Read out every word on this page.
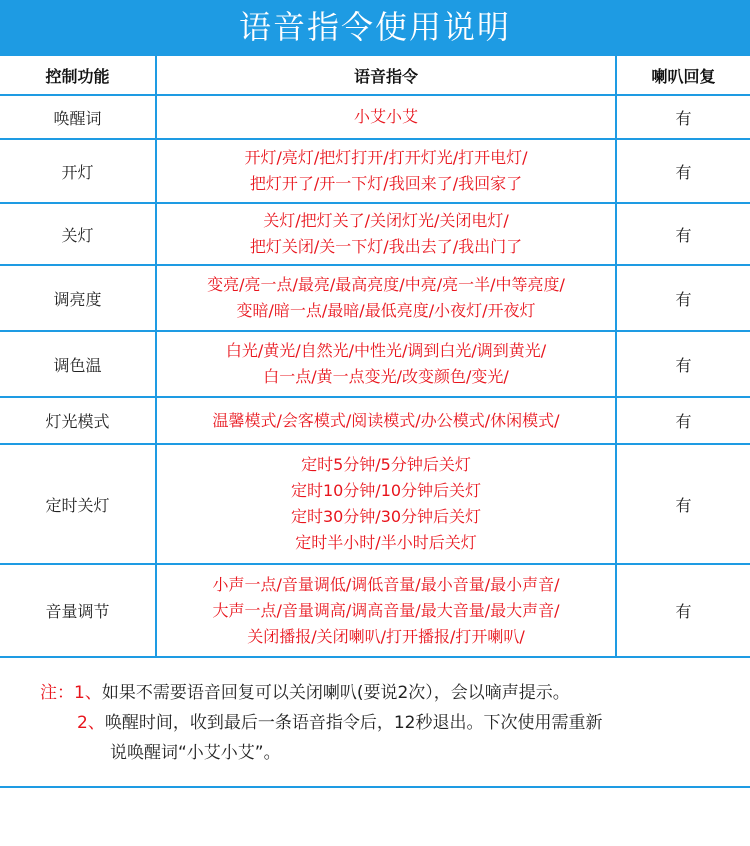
语音指令使用说明
控制功能	语音指令	喇叭回复
唤醒词	小艾小艾	有
开灯	开灯/亮灯/把灯打开/打开灯光/打开电灯/
把灯开了/开一下灯/我回来了/我回家了	有
关灯	关灯/把灯关了/关闭灯光/关闭电灯/
把灯关闭/关一下灯/我出去了/我出门了	有
调亮度	变亮/亮一点/最亮/最高亮度/中亮/亮一半/中等亮度/
变暗/暗一点/最暗/最低亮度/小夜灯/开夜灯	有
调色温	白光/黄光/自然光/中性光/调到白光/调到黄光/
白一点/黄一点变光/改变颜色/变光/	有
灯光模式	温馨模式/会客模式/阅读模式/办公模式/休闲模式/	有
定时关灯	定时5分钟/5分钟后关灯
定时10分钟/10分钟后关灯
定时30分钟/30分钟后关灯
定时半小时/半小时后关灯	有
音量调节	小声一点/音量调低/调低音量/最小音量/最小声音/
大声一点/音量调高/调高音量/最大音量/最大声音/
关闭播报/关闭喇叭/打开播报/打开喇叭/	有
注：1、如果不需要语音回复可以关闭喇叭(要说2次），会以嘀声提示。
2、唤醒时间，收到最后一条语音指令后，12秒退出。下次使用需重新
说唤醒词“小艾小艾”。
